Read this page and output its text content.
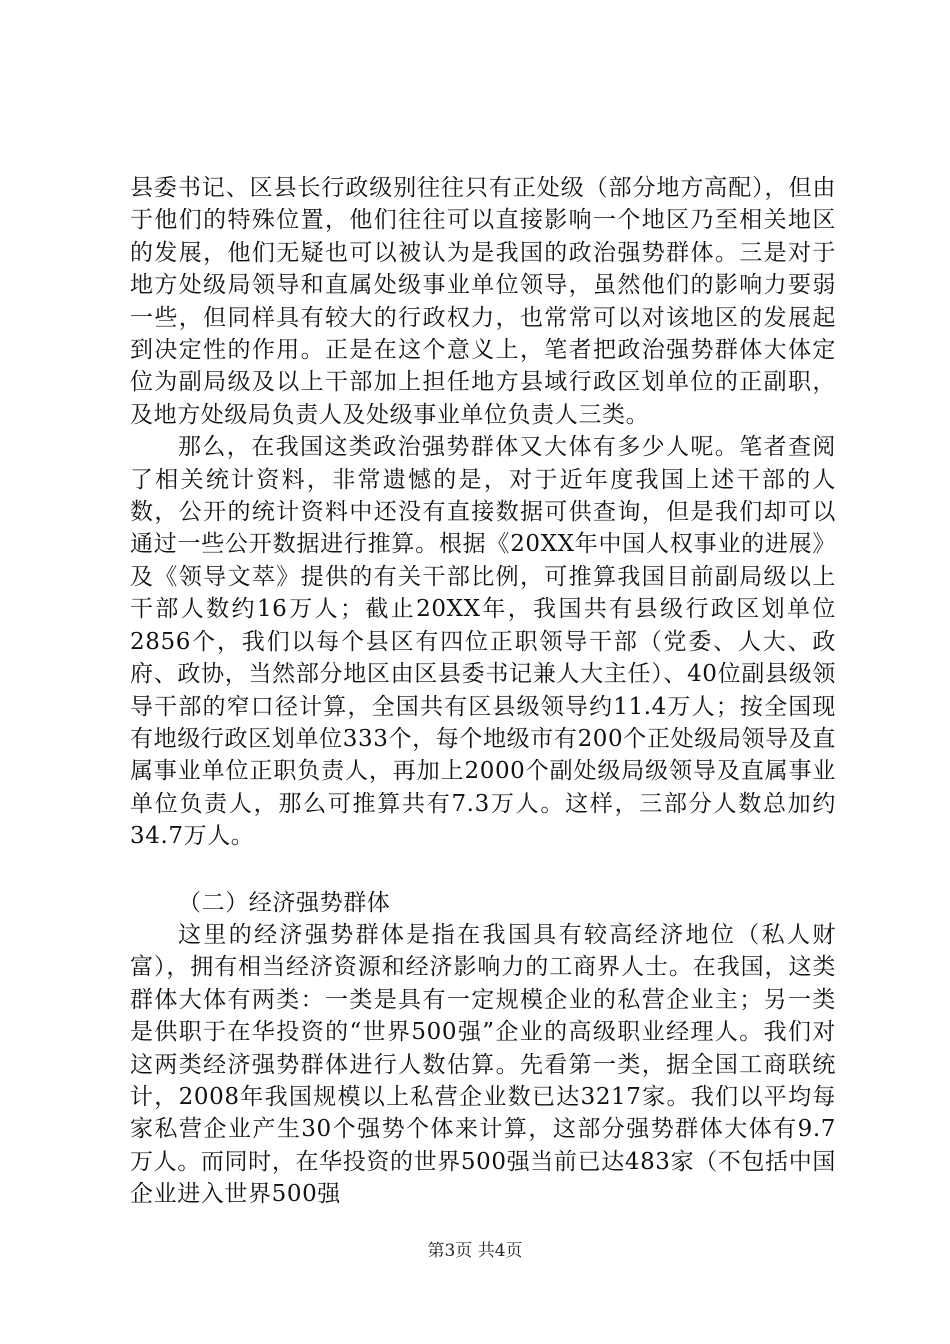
县委书记、区县长行政级别往往只有正处级（部分地方高配），但由于他们的特殊位置，他们往往可以直接影响一个地区乃至相关地区的发展，他们无疑也可以被认为是我国的政治强势群体。三是对于地方处级局领导和直属处级事业单位领导，虽然他们的影响力要弱一些，但同样具有较大的行政权力，也常常可以对该地区的发展起到决定性的作用。正是在这个意义上，笔者把政治强势群体大体定位为副局级及以上干部加上担任地方县域行政区划单位的正副职，及地方处级局负责人及处级事业单位负责人三类。

那么，在我国这类政治强势群体又大体有多少人呢。笔者查阅了相关统计资料，非常遗憾的是，对于近年度我国上述干部的人数，公开的统计资料中还没有直接数据可供查询，但是我们却可以通过一些公开数据进行推算。根据《20XX年中国人权事业的进展》及《领导文萃》提供的有关干部比例，可推算我国目前副局级以上干部人数约16万人；截止20XX年，我国共有县级行政区划单位2856个，我们以每个县区有四位正职领导干部（党委、人大、政府、政协，当然部分地区由区县委书记兼人大主任）、40位副县级领导干部的窄口径计算，全国共有区县级领导约11.4万人；按全国现有地级行政区划单位333个，每个地级市有200个正处级局领导及直属事业单位正职负责人，再加上2000个副处级局级领导及直属事业单位负责人，那么可推算共有7.3万人。这样，三部分人数总加约34.7万人。

（二）经济强势群体

这里的经济强势群体是指在我国具有较高经济地位（私人财富），拥有相当经济资源和经济影响力的工商界人士。在我国，这类群体大体有两类：一类是具有一定规模企业的私营企业主；另一类是供职于在华投资的“世界500强”企业的高级职业经理人。我们对这两类经济强势群体进行人数估算。先看第一类，据全国工商联统计，2008年我国规模以上私营企业数已达3217家。我们以平均每家私营企业产生30个强势个体来计算，这部分强势群体大体有9.7万人。而同时，在华投资的世界500强当前已达483家（不包括中国企业进入世界500强

第3页 共4页
